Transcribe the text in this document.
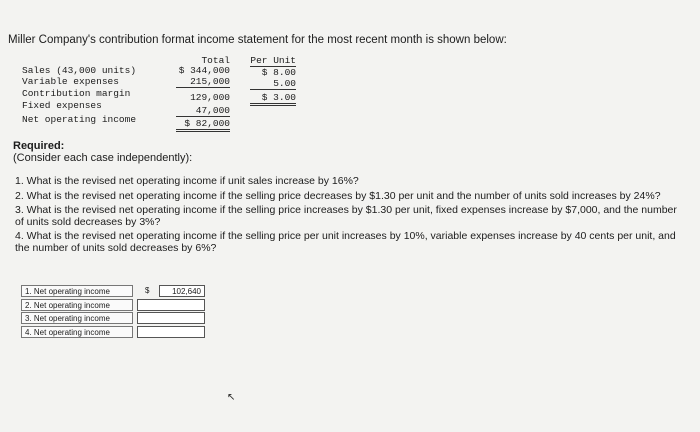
Miller Company's contribution format income statement for the most recent month is shown below:
Total Per Unit
Sales (43,000 units)	$ 344,000	$ 8.00
Variable expenses	215,000	5.00
Contribution margin	129,000	$ 3.00
Fixed expenses	47,000
Net operating income	$ 82,000
Required:
(Consider each case independently):

1. What is the revised net operating income if unit sales increase by 16%?

2. What is the revised net operating income if the selling price decreases by $1.30 per unit and the number of units sold increases by 24%?

3. What is the revised net operating income if the selling price increases by $1.30 per unit, fixed expenses increase by $7,000, and the number of units sold decreases by 3%?

4. What is the revised net operating income if the selling price per unit increases by 10%, variable expenses increase by 40 cents per unit, and the number of units sold decreases by 6%?

1. Net operating income	$	102,640
2. Net operating income
3. Net operating income
4. Net operating income
↖
